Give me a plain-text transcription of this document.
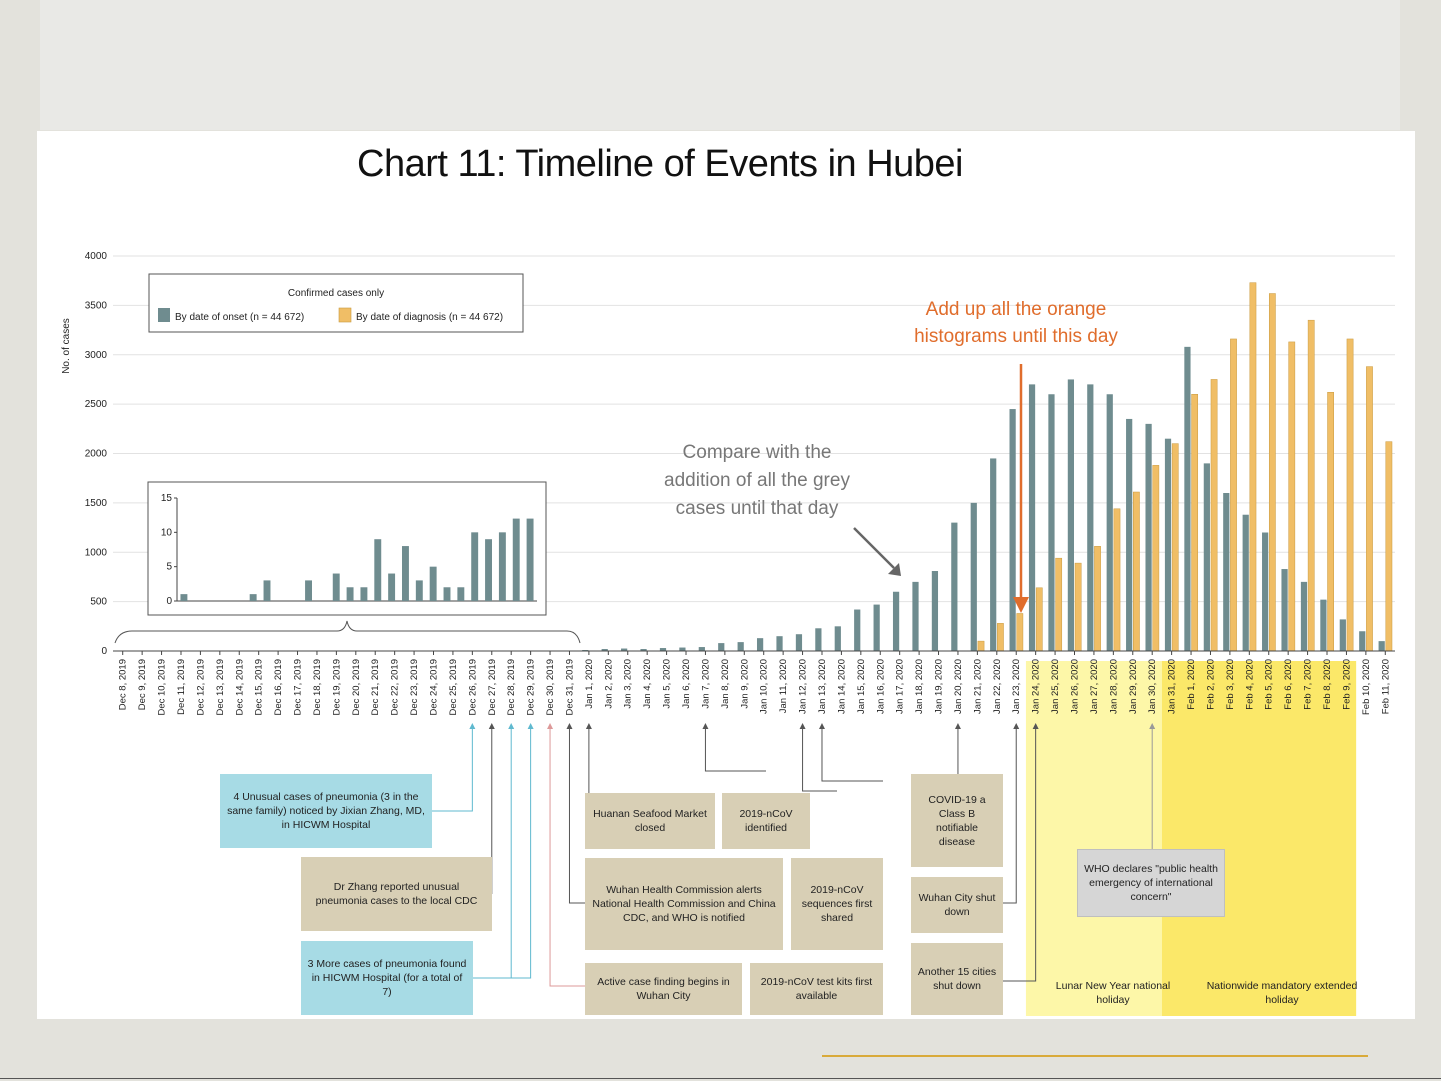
0
500
1000
1500
2000
2500
3000
3500
4000
Dec 8, 2019 Dec 9, 2019 Dec 10, 2019 Dec 11, 2019 Dec 12, 2019 Dec 13, 2019 Dec 14, 2019 Dec 15, 2019 Dec 16, 2019 Dec 17, 2019 Dec 18, 2019 Dec 19, 2019 Dec 20, 2019 Dec 21, 2019 Dec 22, 2019 Dec 23, 2019 Dec 24, 2019 Dec 25, 2019 Dec 26, 2019 Dec 27, 2019 Dec 28, 2019 Dec 29, 2019 Dec 30, 2019 Dec 31, 2019 Jan 1, 2020 Jan 2, 2020 Jan 3, 2020 Jan 4, 2020 Jan 5, 2020 Jan 6, 2020 Jan 7, 2020 Jan 8, 2020 Jan 9, 2020 Jan 10, 2020 Jan 11, 2020 Jan 12, 2020 Jan 13, 2020 Jan 14, 2020 Jan 15, 2020 Jan 16, 2020 Jan 17, 2020 Jan 18, 2020 Jan 19, 2020 Jan 20, 2020 Jan 21, 2020 Jan 22, 2020 Jan 23, 2020 Jan 24, 2020 Jan 25, 2020 Jan 26, 2020 Jan 27, 2020 Jan 28, 2020 Jan 29, 2020 Jan 30, 2020 Jan 31, 2020 Feb 1, 2020 Feb 2, 2020 Feb 3, 2020 Feb 4, 2020 Feb 5, 2020 Feb 6, 2020 Feb 7, 2020 Feb 8, 2020 Feb 9, 2020 Feb 10, 2020 Feb 11, 2020
No. of cases
Confirmed cases only
By date of onset (n = 44 672)	By date of diagnosis (n = 44 672)
0
5
10
15
Add up all the orange
histograms until this day
Compare with the
addition of all the grey
cases until that day
Chart 11: Timeline of Events in Hubei
4 Unusual cases of pneumonia (3 in the same family) noticed by Jixian Zhang, MD, in HICWM Hospital
Dr Zhang reported unusual pneumonia cases to the local CDC
3 More cases of pneumonia found in HICWM Hospital (for a total of 7)
Huanan Seafood Market closed
2019-nCoV identified
Wuhan Health Commission alerts National Health Commission and China CDC, and WHO is notified
2019-nCoV sequences first shared
Active case finding begins in Wuhan City
2019-nCoV test kits first available
COVID-19 a Class B notifiable disease
Wuhan City shut down
Another 15 cities shut down
WHO declares "public health emergency of international concern"
Lunar New Year national holiday
Nationwide mandatory extended holiday
